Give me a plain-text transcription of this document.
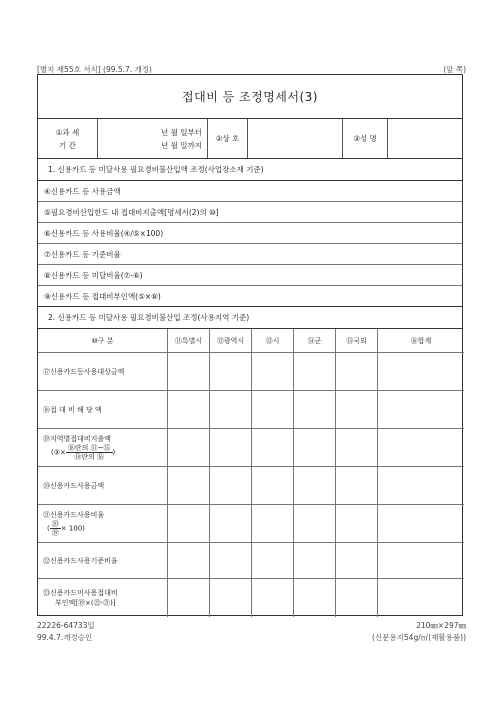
[별지 제55호 서식] (99.5.7. 개정)	(앞 쪽)
접대비 등 조정명세서(3)
①과 세
기 간
년 월 일부터
년 월 일까지
②상 호	③성 명
1. 신용카드 등 미달사용 필요경비불산입액 조정(사업장소재 기준)
④신용카드 등 사용금액
⑤필요경비산입한도 내 접대비지출액[명세서(2)의 ⑩]
⑥신용카드 등 사용비율(④/⑤×100)
⑦신용카드 등 기준비율
⑧신용카드 등 미달비율(⑦-⑥)
⑨신용카드 등 접대비부인액(⑤×⑧)
2. 신용카드 등 미달사용 필요경비불산입 조정(사용지역 기준)
⑩구 분	⑪특별시	⑫광역시	⑬시	⑭군	⑮국외	⑯합계
⑰신용카드등사용대상금액
⑱접 대 비 해 당 액
⑲지역별접대비지출액
(⑨× $\frac{\text{⑱란의 ⑪\textasciitilde{}⑮}}{\text{⑱란의 ⑯}}$ )
⑳신용카드사용금액
㉑신용카드사용비율
( $\frac{\text{⑳}}{\text{⑲}} \times 100$)
㉒신용카드사용기준비율
㉓신용카드미사용접대비
부인액[⑲×(㉒-㉑)]
22226-64733일
99.4.7.개정승인
210㎜×297㎜
(신문용지54g/㎡(재활용품))
